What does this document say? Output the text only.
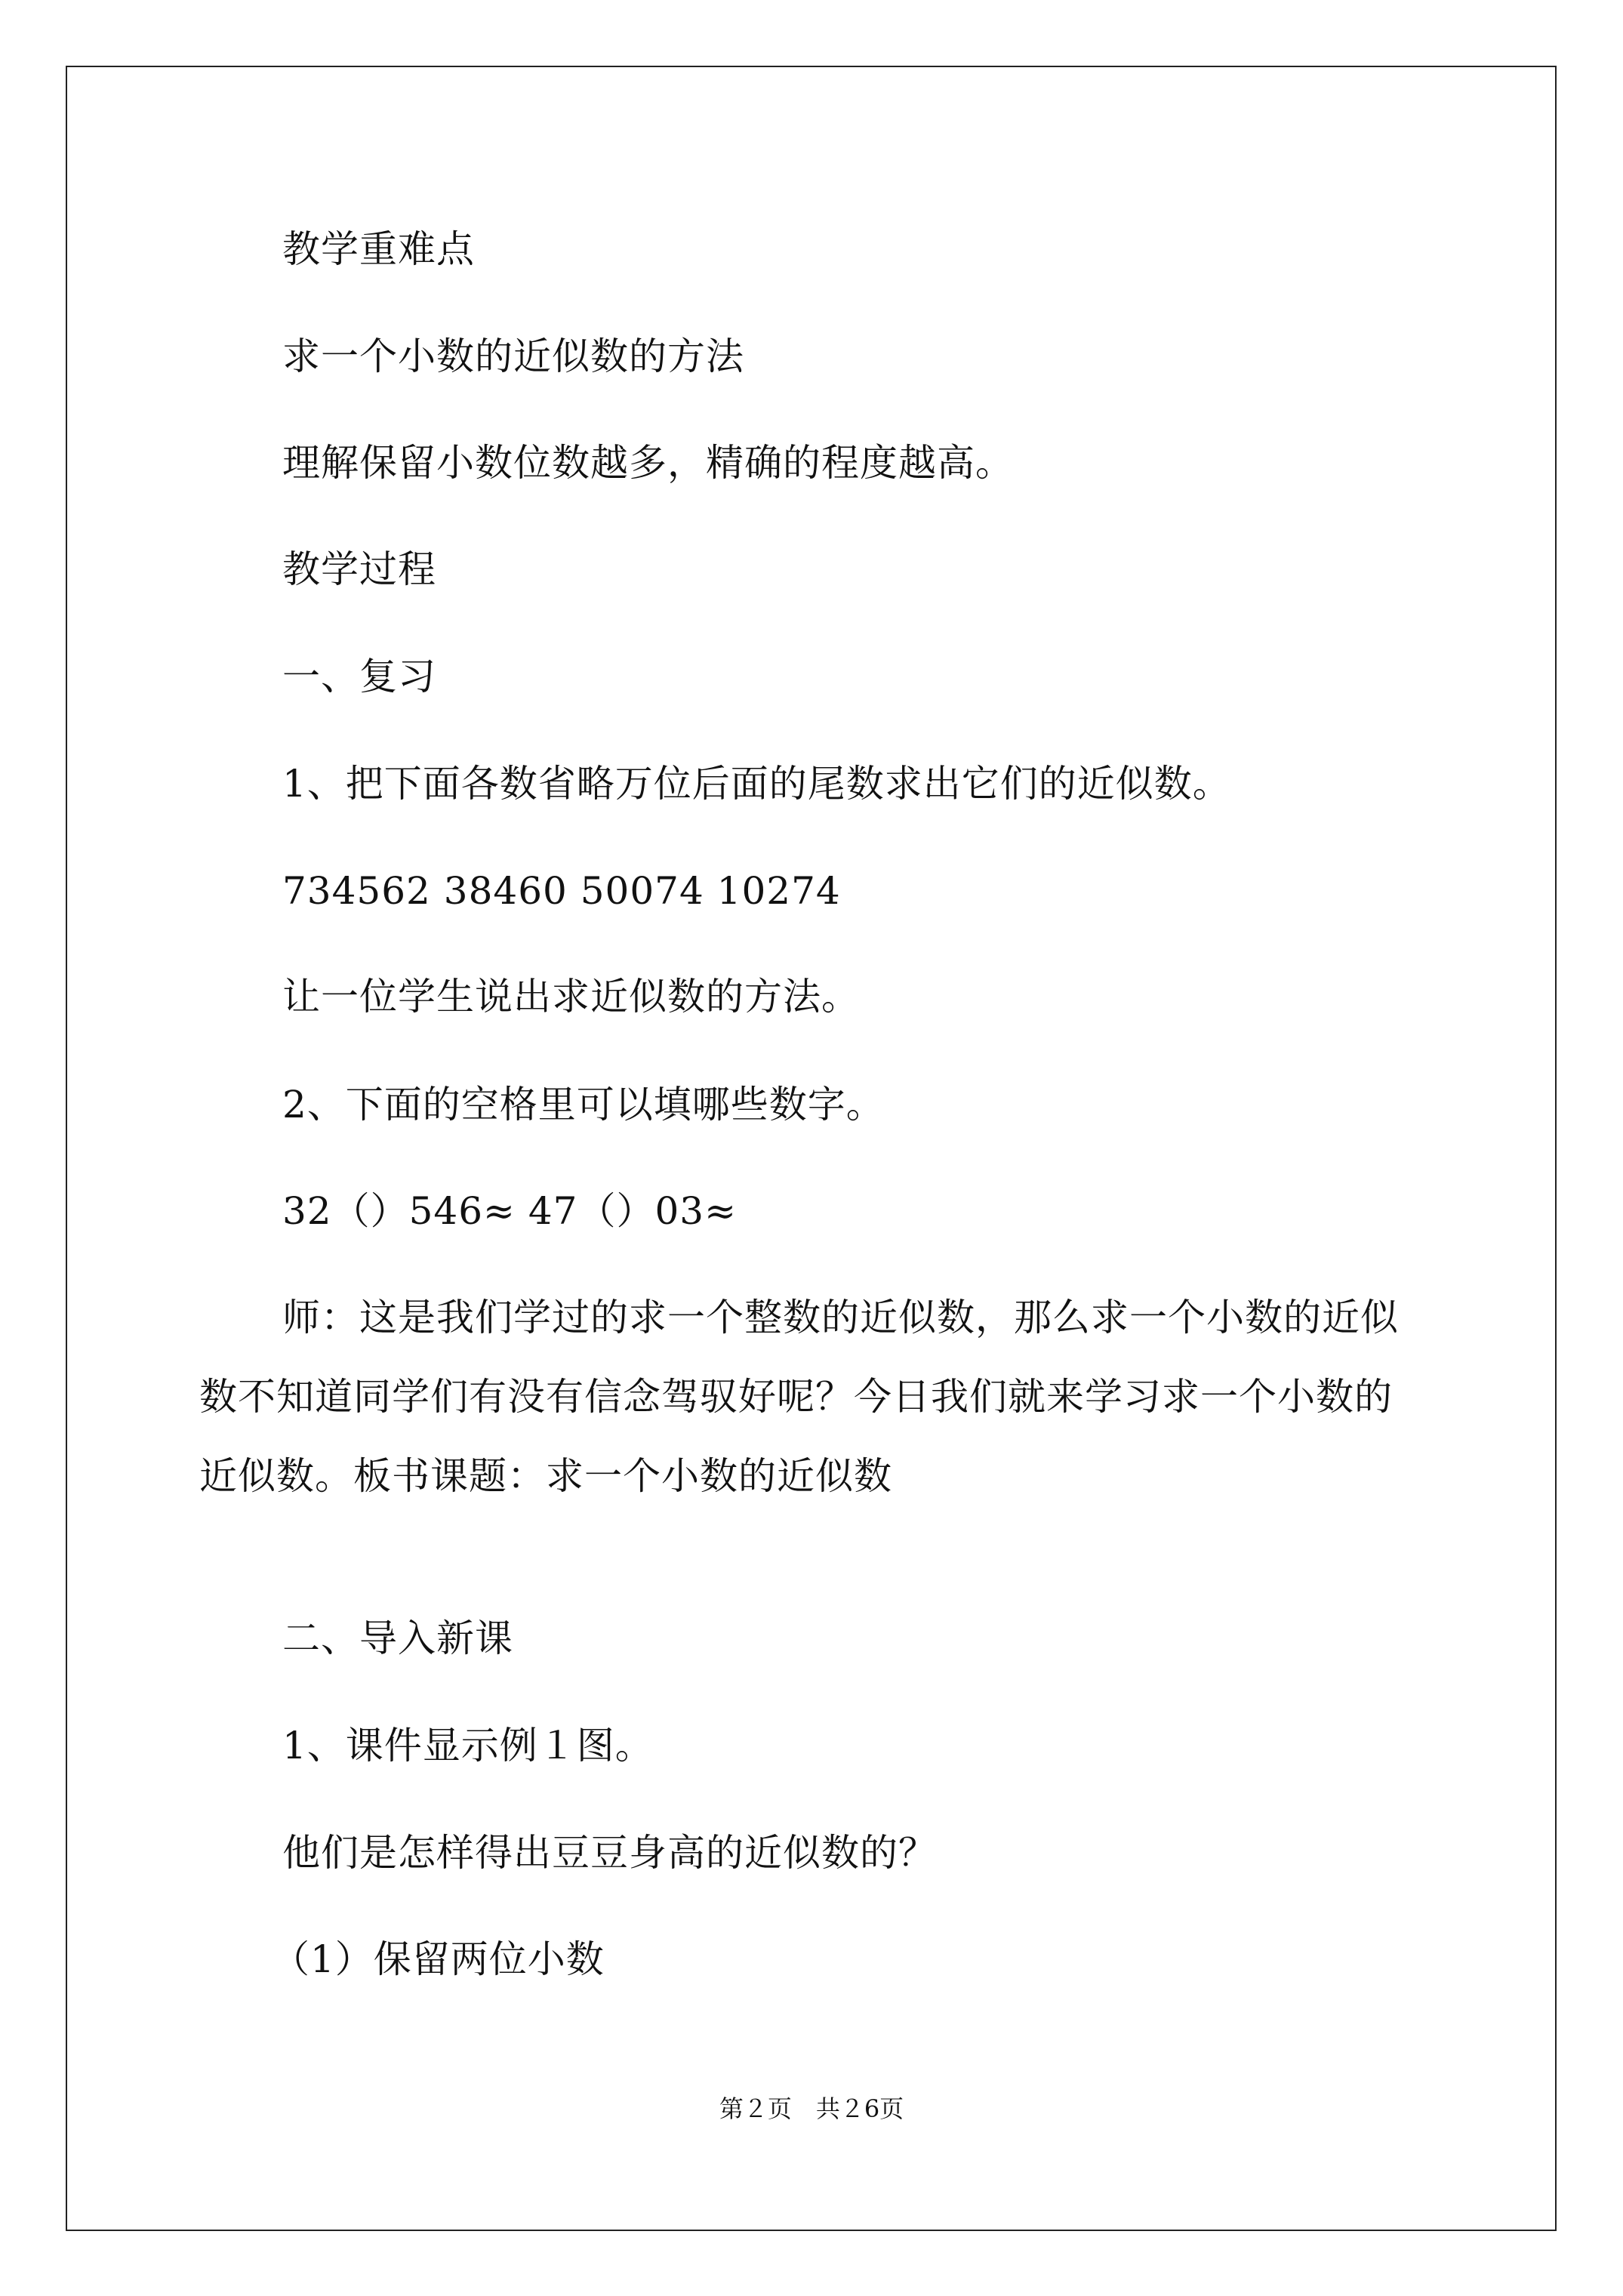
教学重难点
求一个小数的近似数的方法
理解保留小数位数越多，精确的程度越高。
教学过程
一、复习
1、把下面各数省略万位后面的尾数求出它们的近似数。
734562 38460 50074 10274
让一位学生说出求近似数的方法。
2、下面的空格里可以填哪些数字。
32（）546≈ 47（）03≈
师：这是我们学过的求一个整数的近似数，那么求一个小数的近似数不知道同学们有没有信念驾驭好呢？今日我们就来学习求一个小数的近似数。板书课题：求一个小数的近似数
二、导入新课
1、课件显示例１图。
他们是怎样得出豆豆身高的近似数的？
（1）保留两位小数
第２页　共２6页
